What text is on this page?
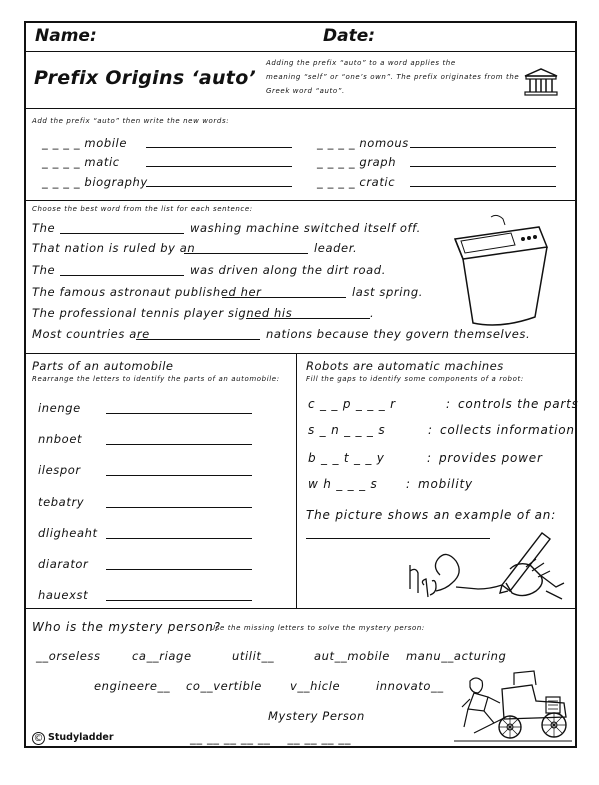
Name:	Date:
Prefix Origins ‘auto’
Adding the prefix “auto” to a word applies the
meaning “self” or “one’s own”. The prefix originates from the
Greek word “auto”.
Add the prefix “auto” then write the new words:
_ _ _ _ mobile
_ _ _ _ matic
_ _ _ _ biography
_ _ _ _ nomous
_ _ _ _ graph
_ _ _ _ cratic
Choose the best word from the list for each sentence:
The	washing machine switched itself off.
That nation is ruled by an	leader.
The	was driven along the dirt road.
The famous astronaut published her	last spring.
The professional tennis player signed his	.
Most countries are	nations because they govern themselves.
Parts of an automobile
Rearrange the letters to identify the parts of an automobile:
inenge
nnboet
ilespor
tebatry
dligheaht
diarator
hauexst
Robots are automatic machines
Fill the gaps to identify some components of a robot:
c _ _ p _ _ _ r	: controls the parts
s _ n _ _ _ s	: collects information
b _ _ t _ _ y	: provides power
w h _ _ _ s : mobility
The picture shows an example of an:
Who is the mystery person?
Use the missing letters to solve the mystery person:
__orseless	ca__riage	utilit__	aut__mobile manu__acturing
engineere__ co__vertible v__hicle	innovato__
Mystery Person
__ __ __ __ __    __ __ __ __
© Studyladder
